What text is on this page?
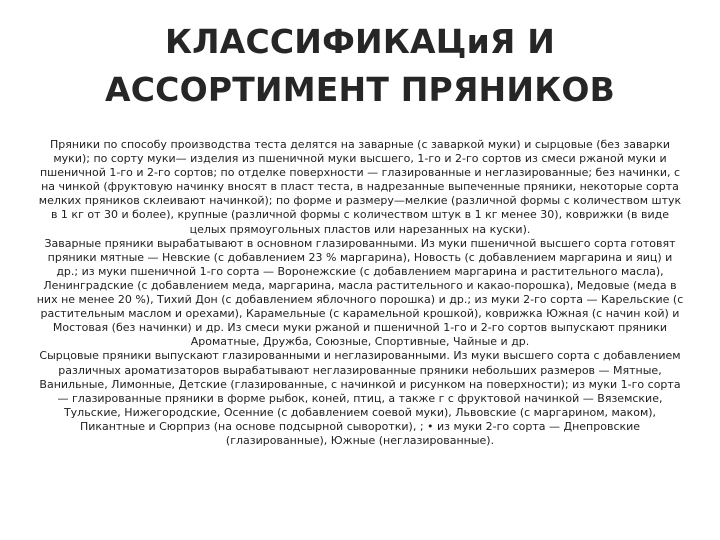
КЛАССИФИКАЦиЯ И
АССОРТИМЕНТ ПРЯНИКОВ

Пряники по способу производства теста делятся на заварные (с заваркой муки) и сырцовые (без заварки муки); по сорту муки— изделия из пшеничной муки высшего, 1-го и 2-го сортов из смеси ржаной муки и пшеничной 1-го и 2-го сортов; по отделке поверхности — глазированные и неглазированные; без начинки, с на чинкой (фруктовую начинку вносят в пласт теста, в надрезанные выпеченные пряники, некоторые сорта мелких пряников склеивают начинкой); по форме и размеру—мелкие (различной формы с количеством штук в 1 кг от 30 и более), крупные (различной формы с количеством штук в 1 кг менее 30), коврижки (в виде целых прямоугольных пластов или нарезанных на куски).

Заварные пряники вырабатывают в основном глазированными. Из муки пшеничной высшего сорта готовят пряники мятные — Невские (с добавлением 23 % маргарина), Новость (с добавлением маргарина и яиц) и др.; из муки пшеничной 1-го сорта — Воронежские (с добавлением маргарина и растительного масла), Ленинградские (с добавлением меда, маргарина, масла растительного и какао-порошка), Медовые (меда в них не менее 20 %), Тихий Дон (с добавлением яблочного порошка) и др.; из муки 2-го сорта — Карельские (с растительным маслом и орехами), Карамельные (с карамельной крошкой), коврижка Южная (с начин кой) и Мостовая (без начинки) и др. Из смеси муки ржаной и пшеничной 1-го и 2-го сортов выпускают пряники Ароматные, Дружба, Союзные, Спортивные, Чайные и др.

Сырцовые пряники выпускают глазированными и неглазированными. Из муки высшего сорта с добавлением различных ароматизаторов вырабатывают неглазированные пряники небольших размеров — Мятные, Ванильные, Лимонные, Детские (глазированные, с начинкой и рисунком на поверхности); из муки 1-го сорта — глазированные пряники в форме рыбок, коней, птиц, а также г с фруктовой начинкой — Вяземские, Тульские, Нижегородские, Осенние (с добавлением соевой муки), Львовские (с маргарином, маком), Пикантные и Сюрприз (на основе подсырной сыворотки), ; • из муки 2-го сорта — Днепровские (глазированные), Южные (неглазированные).
